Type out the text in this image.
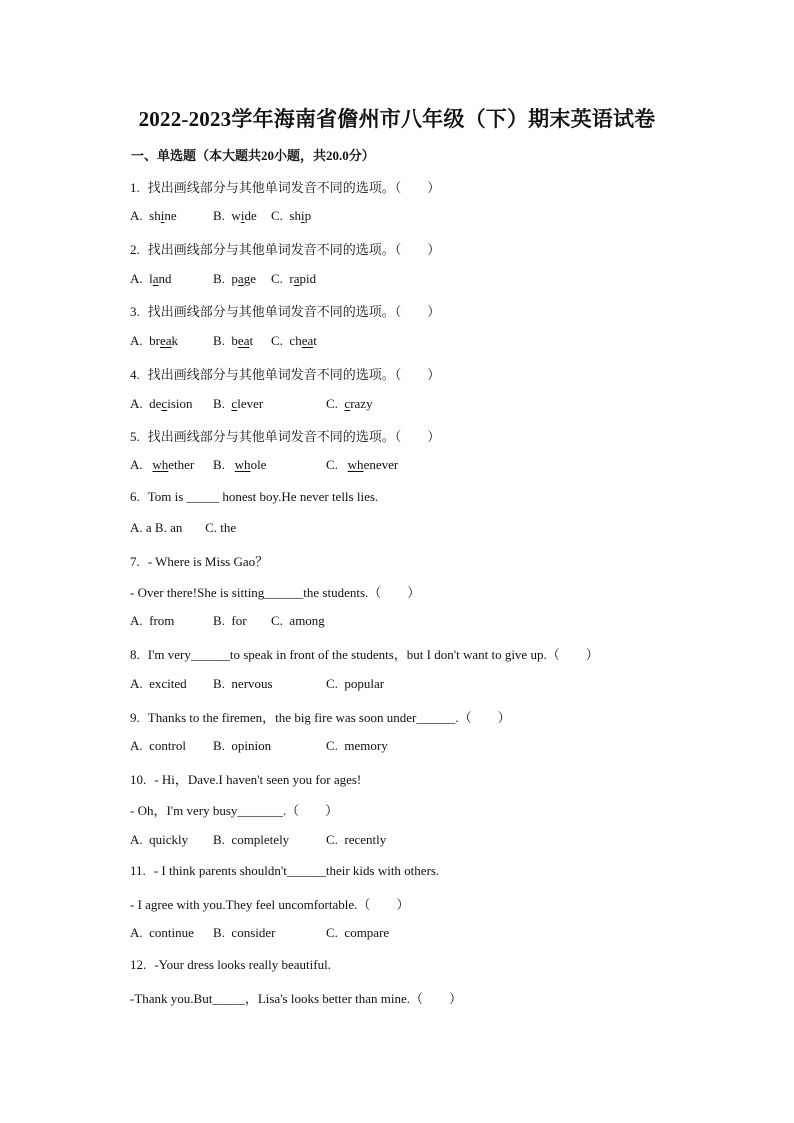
2022-2023学年海南省儋州市八年级（下）期末英语试卷
一、单选题（本大题共20小题，共20.0分）
1. 找出画线部分与其他单词发音不同的选项。（　　）
A. shine	B. wide C. ship
2. 找出画线部分与其他单词发音不同的选项。（　　）
A. land	B. page C. rapid
3. 找出画线部分与其他单词发音不同的选项。（　　）
A. break	B. beat C. cheat
4. 找出画线部分与其他单词发音不同的选项。（　　）
A. decision B. clever	C. crazy
5. 找出画线部分与其他单词发音不同的选项。（　　）
A. whether B. whole	C. whenever
6. Tom is _____ honest boy.He never tells lies.
A. a B. an       C. the
7. - Where is Miss Gao？
- Over there!She is sitting______the students.（　　）
A. from	B. for C. among
8. I'm very______to speak in front of the students，but I don't want to give up.（　　）
A. excited B. nervous	C. popular
9. Thanks to the firemen，the big fire was soon under______.（　　）
A. control B. opinion	C. memory
10. - Hi，Dave.I haven't seen you for ages!
- Oh，I'm very busy_______.（　　）
A. quickly B. completely	C. recently
11. - I think parents shouldn't______their kids with others.
- I agree with you.They feel uncomfortable.（　　）
A. continue B. consider	C. compare
12. -Your dress looks really beautiful.
-Thank you.But_____，Lisa's looks better than mine.（　　）
